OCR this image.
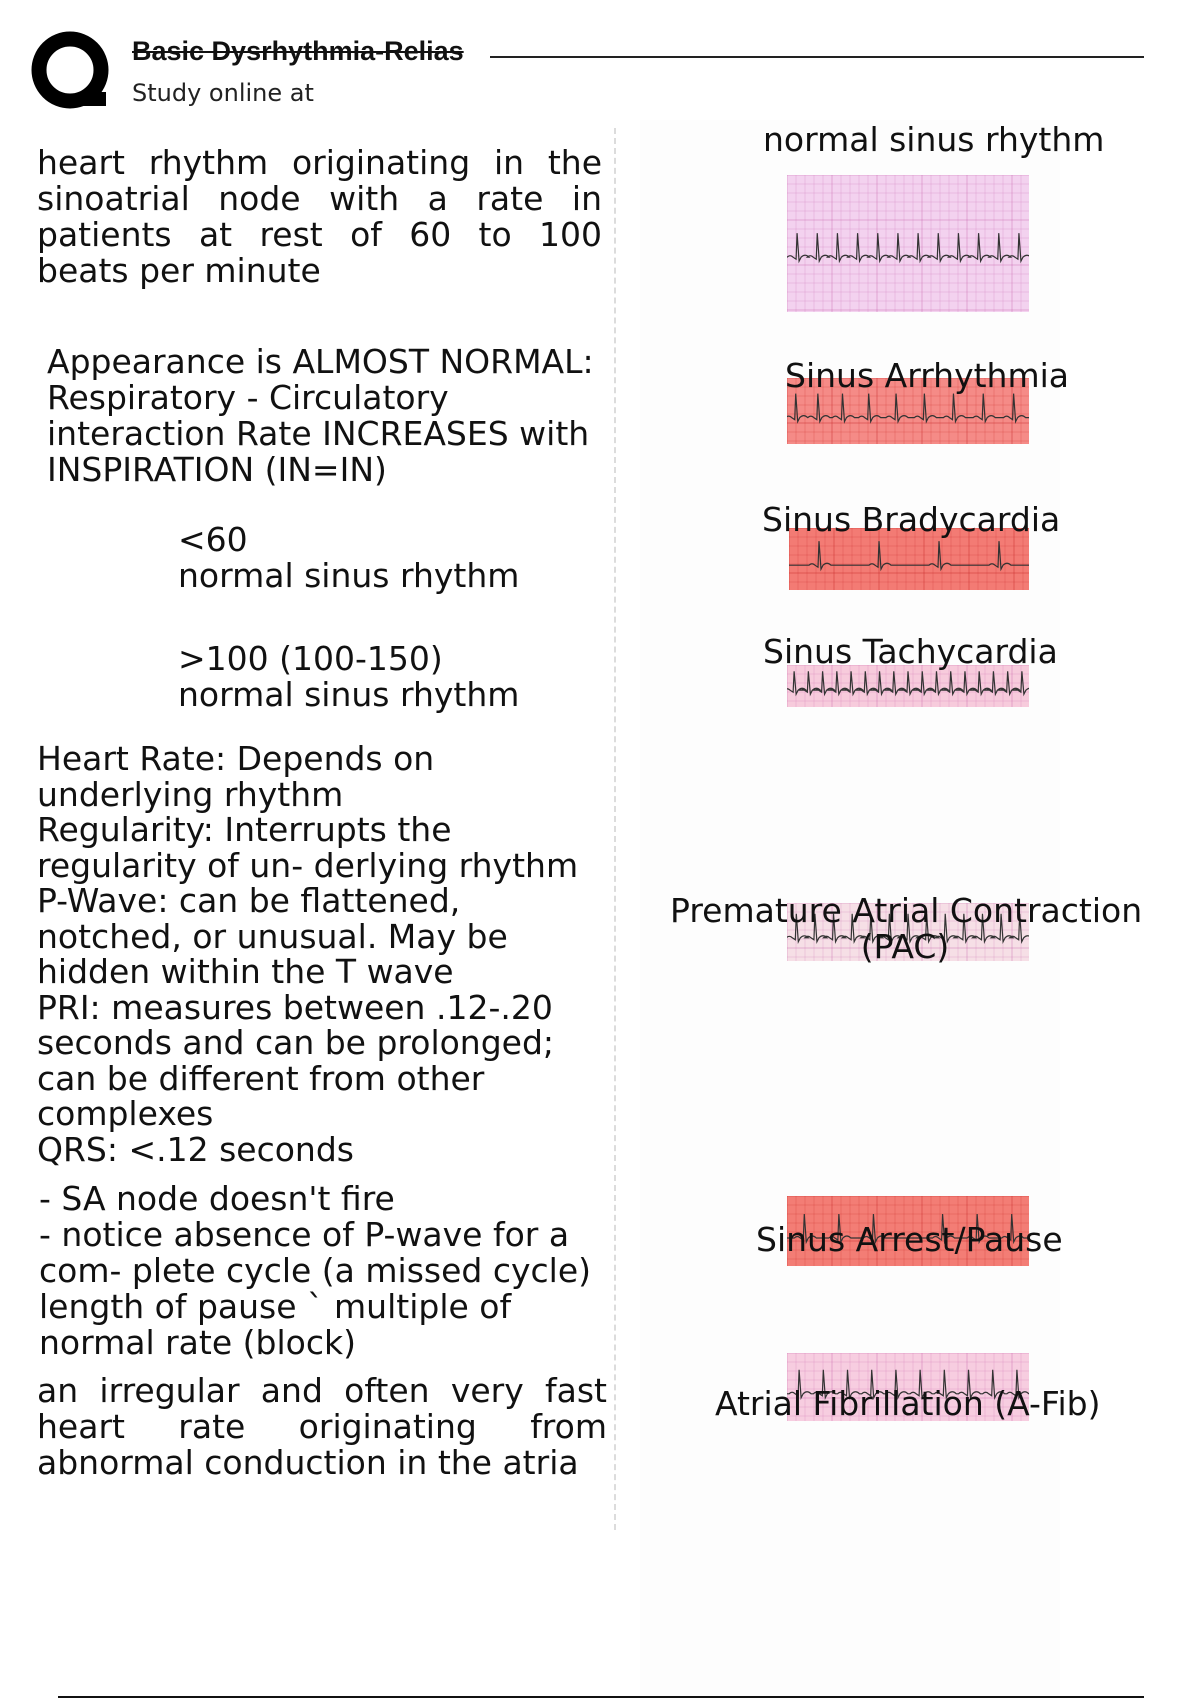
Basic Dysrhythmia-Relias
Study online at
heart rhythm originating in the sinoatrial node with a rate in patients at rest of 60 to 100 beats per minute
normal sinus rhythm
Appearance is ALMOST NORMAL: Respiratory - Circulatory interaction Rate INCREASES with INSPIRATION (IN=IN)
Sinus Arrhythmia
<60
normal sinus rhythm
Sinus Bradycardia
>100 (100-150)
normal sinus rhythm
Sinus Tachycardia
Heart Rate: Depends on
underlying rhythm
Regularity: Interrupts the
regularity of un- derlying rhythm
P-Wave: can be flattened,
notched, or unusual. May be
hidden within the T wave
PRI: measures between .12-.20
seconds and can be prolonged;
can be different from other
complexes
QRS: <.12 seconds
Premature Atrial Contraction
(PAC)
- SA node doesn't fire
- notice absence of P-wave for a
com- plete cycle (a missed cycle)
length of pause ` multiple of
normal rate (block)
Sinus Arrest/Pause
an irregular and often very fast heart rate originating from abnormal conduction in the atria
Atrial Fibrillation (A-Fib)
